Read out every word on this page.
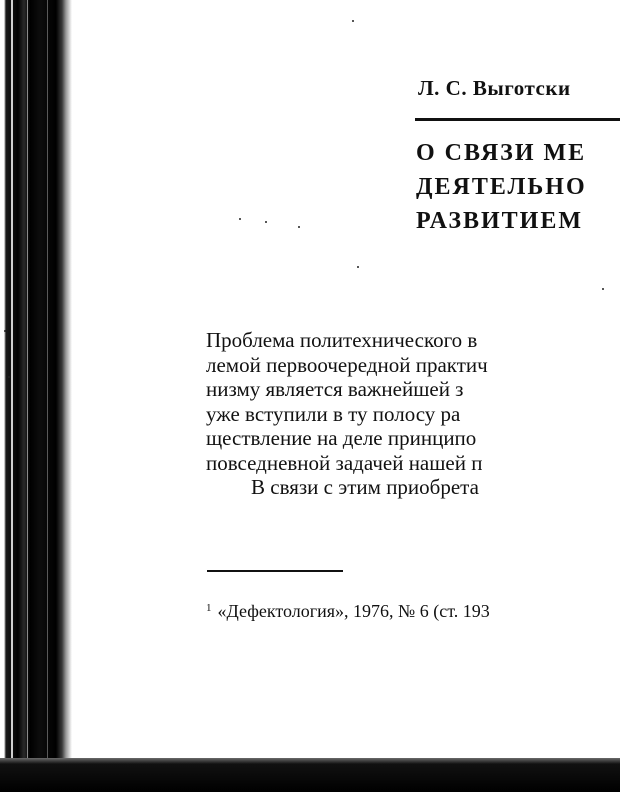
Л. С. Выготски
О СВЯЗИ МЕ
ДЕЯТЕЛЬНО
РАЗВИТИЕМ
Проблема политехнического в
лемой первоочередной практич
низму является важнейшей з
уже вступили в ту полосу ра
ществление на деле принципо
повседневной задачей нашей п
В связи с этим приобрета
$^1$ «Дефектология», 1976, № 6 (ст. 193
